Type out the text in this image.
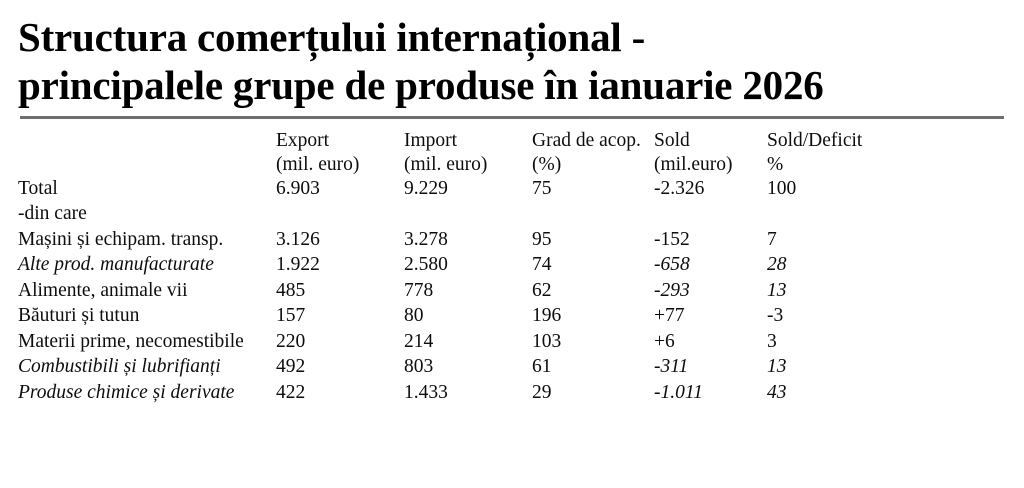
Structura comerțului internațional -
principalele grupe de produse în ianuarie 2026
	Export	Import	Grad de acop.	Sold	Sold/Deficit
	(mil. euro)	(mil. euro)	(%)	(mil.euro)	%
Total	6.903	9.229	75	-2.326	100
-din care					
Mașini și echipam. transp.	3.126	3.278	95	-152	7
Alte prod. manufacturate	1.922	2.580	74	-658	28
Alimente, animale vii	485	778	62	-293	13
Băuturi și tutun	157	80	196	+77	-3
Materii prime, necomestibile	220	214	103	+6	3
Combustibili și lubrifianți	492	803	61	-311	13
Produse chimice și derivate	422	1.433	29	-1.011	43
